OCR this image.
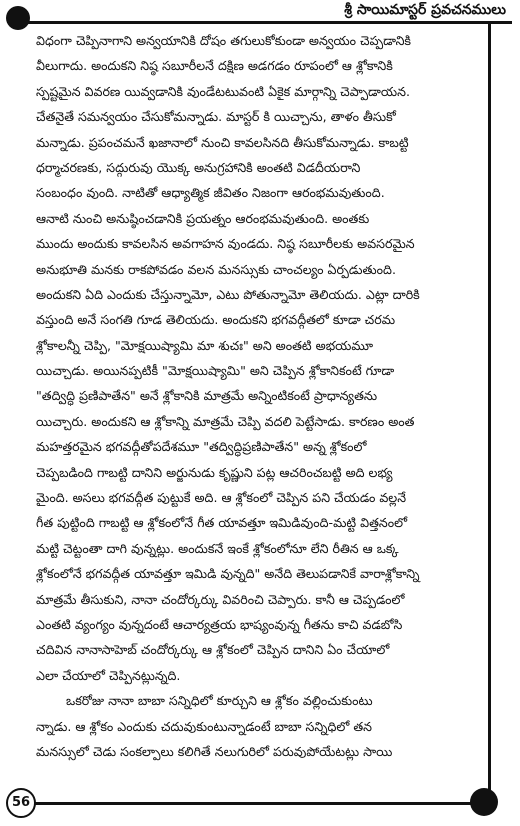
శ్రీ సాయిమాస్టర్ ప్రవచనములు
విధంగా చెప్పినాగాని అన్వయానికి దోషం తగులుకోకుండా అన్వయం చెప్పడానికి
వీలుగాదు. అందుకని నిష్ఠ సబూరీలనే దక్షిణ అడగడం రూపంలో ఆ శ్లోకానికి
స్పష్టమైన వివరణ యివ్వడానికి వుండేటటువంటి ఏకైక మార్గాన్ని చెప్పాడాయన.
చేతనైతే సమన్వయం చేసుకోమన్నాడు. మాస్టర్ కి యిచ్చాను, తాళం తీసుకో
మన్నాడు. ప్రపంచమనే ఖజానాలో నుంచి కావలసినది తీసుకోమన్నాడు. కాబట్టి
ధర్మాచరణకు, సద్గురువు యొక్క అనుగ్రహానికి అంతటి విడదీయరాని
సంబంధం వుంది. నాటితో ఆధ్యాత్మిక జీవితం నిజంగా ఆరంభమవుతుంది.
ఆనాటి నుంచి అనుష్ఠించడానికి ప్రయత్నం ఆరంభమవుతుంది. అంతకు
ముందు అందుకు కావలసిన అవగాహన వుండదు. నిష్ఠ సబూరీలకు అవసరమైన
అనుభూతి మనకు రాకపోవడం వలన మనస్సుకు చాంచల్యం ఏర్పడుతుంది.
అందుకని ఏది ఎందుకు చేస్తున్నామో, ఎటు పోతున్నామో తెలియదు. ఎట్లా దారికి
వస్తుంది అనే సంగతి గూడ తెలియదు. అందుకని భగవద్గీతలో కూడా చరమ
శ్లోకాలన్నీ చెప్పి, "మోక్షయిష్యామి మా శుచః" అని అంతటి అభయమూ
యిచ్చాడు. అయినప్పటికీ "మోక్షయిష్యామి" అని చెప్పిన శ్లోకానికంటే గూడా
"తద్విద్ధి ప్రణిపాతేన" అనే శ్లోకానికి మాత్రమే అన్నింటికంటే ప్రాధాన్యతను
యిచ్చారు. అందుకని ఆ శ్లోకాన్ని మాత్రమే చెప్పి వదలి పెట్టేసాడు. కారణం అంత
మహత్తరమైన భగవద్గీతోపదేశమూ "తద్విద్ధిప్రణిపాతేన" అన్న శ్లోకంలో
చెప్పబడింది గాబట్టి దానిని అర్జునుడు కృష్ణుని పట్ల ఆచరించబట్టి అది లభ్య
మైంది. అసలు భగవద్గీత పుట్టుకే అది. ఆ శ్లోకంలో చెప్పిన పని చేయడం వల్లనే
గీత పుట్టింది గాబట్టి ఆ శ్లోకంలోనే గీత యావత్తూ ఇమిడివుంది-మట్టి విత్తనంలో
మట్టి చెట్టంతా దాగి వున్నట్లు. అందుకనే ఇంకే శ్లోకంలోనూ లేని రీతిన ఆ ఒక్క
శ్లోకంలోనే భగవద్గీత యావత్తూ ఇమిడి వున్నది" అనేది తెలుపడానికే వారాశ్లోకాన్ని
మాత్రమే తీసుకుని, నానా చందోర్కర్కు వివరించి చెప్పారు. కానీ ఆ చెప్పడంలో
ఎంతటి వ్యంగ్యం వున్నదంటే ఆచార్యత్రయ భాష్యంవున్న గీతను కాచి వడబోసి
చదివిన నానాసాహెబ్ చందోర్కర్కు ఆ శ్లోకంలో చెప్పిన దానిని ఏం చేయాలో
ఎలా చేయాలో చెప్పినట్లున్నది.
ఒకరోజు నానా బాబా సన్నిధిలో కూర్చుని ఆ శ్లోకం వల్లించుకుంటు
న్నాడు. ఆ శ్లోకం ఎందుకు చదువుకుంటున్నాడంటే బాబా సన్నిధిలో తన
మనస్సులో చెడు సంకల్పాలు కలిగితే నలుగురిలో పరువుపోయేటట్లు సాయి
56
